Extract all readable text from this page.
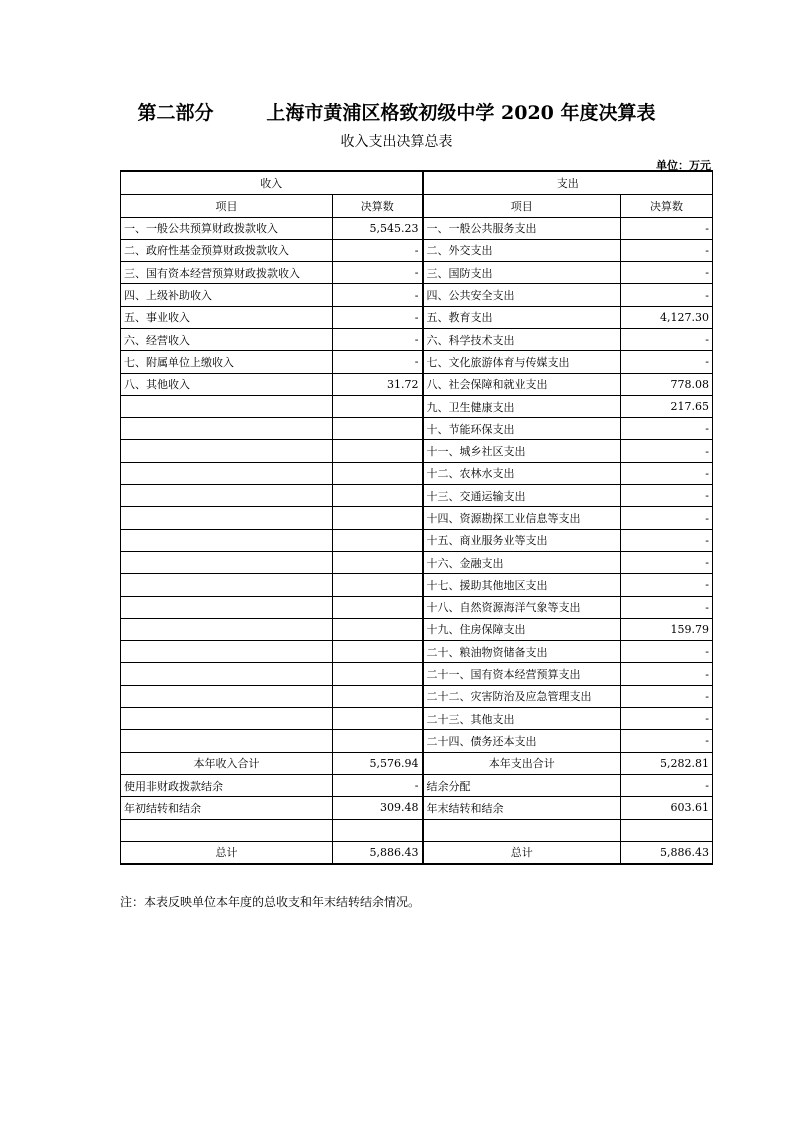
第二部分        上海市黄浦区格致初级中学 2020 年度决算表
收入支出决算总表
单位：万元
收入		支出	
项目	决算数	项目	决算数
一、一般公共预算财政拨款收入	5,545.23	一、一般公共服务支出	-
二、政府性基金预算财政拨款收入	-	二、外交支出	-
三、国有资本经营预算财政拨款收入	-	三、国防支出	-
四、上级补助收入	-	四、公共安全支出	-
五、事业收入	-	五、教育支出	4,127.30
六、经营收入	-	六、科学技术支出	-
七、附属单位上缴收入	-	七、文化旅游体育与传媒支出	-
八、其他收入	31.72	八、社会保障和就业支出	778.08
		九、卫生健康支出	217.65
		十、节能环保支出	-
		十一、城乡社区支出	-
		十二、农林水支出	-
		十三、交通运输支出	-
		十四、资源勘探工业信息等支出	-
		十五、商业服务业等支出	-
		十六、金融支出	-
		十七、援助其他地区支出	-
		十八、自然资源海洋气象等支出	-
		十九、住房保障支出	159.79
		二十、粮油物资储备支出	-
		二十一、国有资本经营预算支出	-
		二十二、灾害防治及应急管理支出	-
		二十三、其他支出	-
		二十四、债务还本支出	-
本年收入合计	5,576.94	本年支出合计	5,282.81
使用非财政拨款结余	-	结余分配	-
年初结转和结余	309.48	年末结转和结余	603.61

总计	5,886.43	总计	5,886.43
注：本表反映单位本年度的总收支和年末结转结余情况。
